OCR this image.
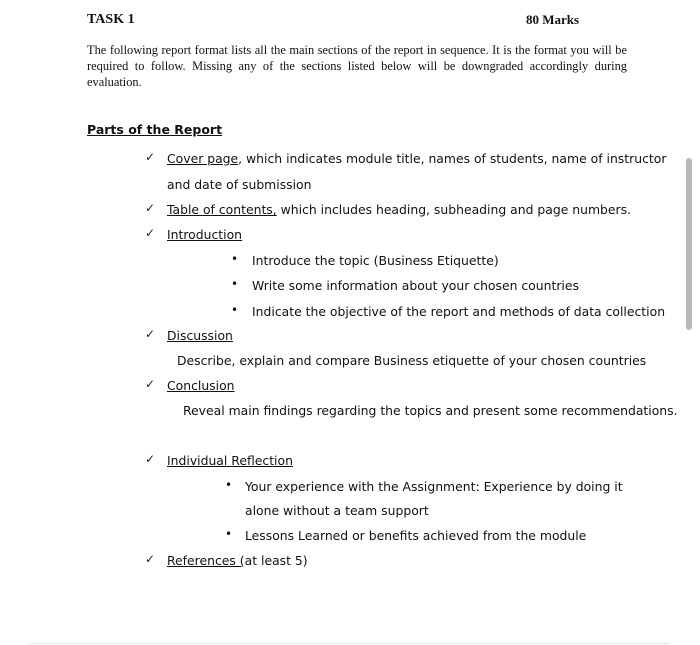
TASK 1	80 Marks

The following report format lists all the main sections of the report in sequence. It is the format you will be required to follow. Missing any of the sections listed below will be downgraded accordingly during evaluation.

Parts of the Report
✓ Cover page, which indicates module title, names of students, name of instructor
and date of submission
✓ Table of contents, which includes heading, subheading and page numbers.
✓ Introduction
• Introduce the topic (Business Etiquette)
• Write some information about your chosen countries
• Indicate the objective of the report and methods of data collection
✓ Discussion
Describe, explain and compare Business etiquette of your chosen countries
✓ Conclusion
Reveal main findings regarding the topics and present some recommendations.
✓ Individual Reflection
• Your experience with the Assignment: Experience by doing it
alone without a team support
• Lessons Learned or benefits achieved from the module
✓ References (at least 5)
